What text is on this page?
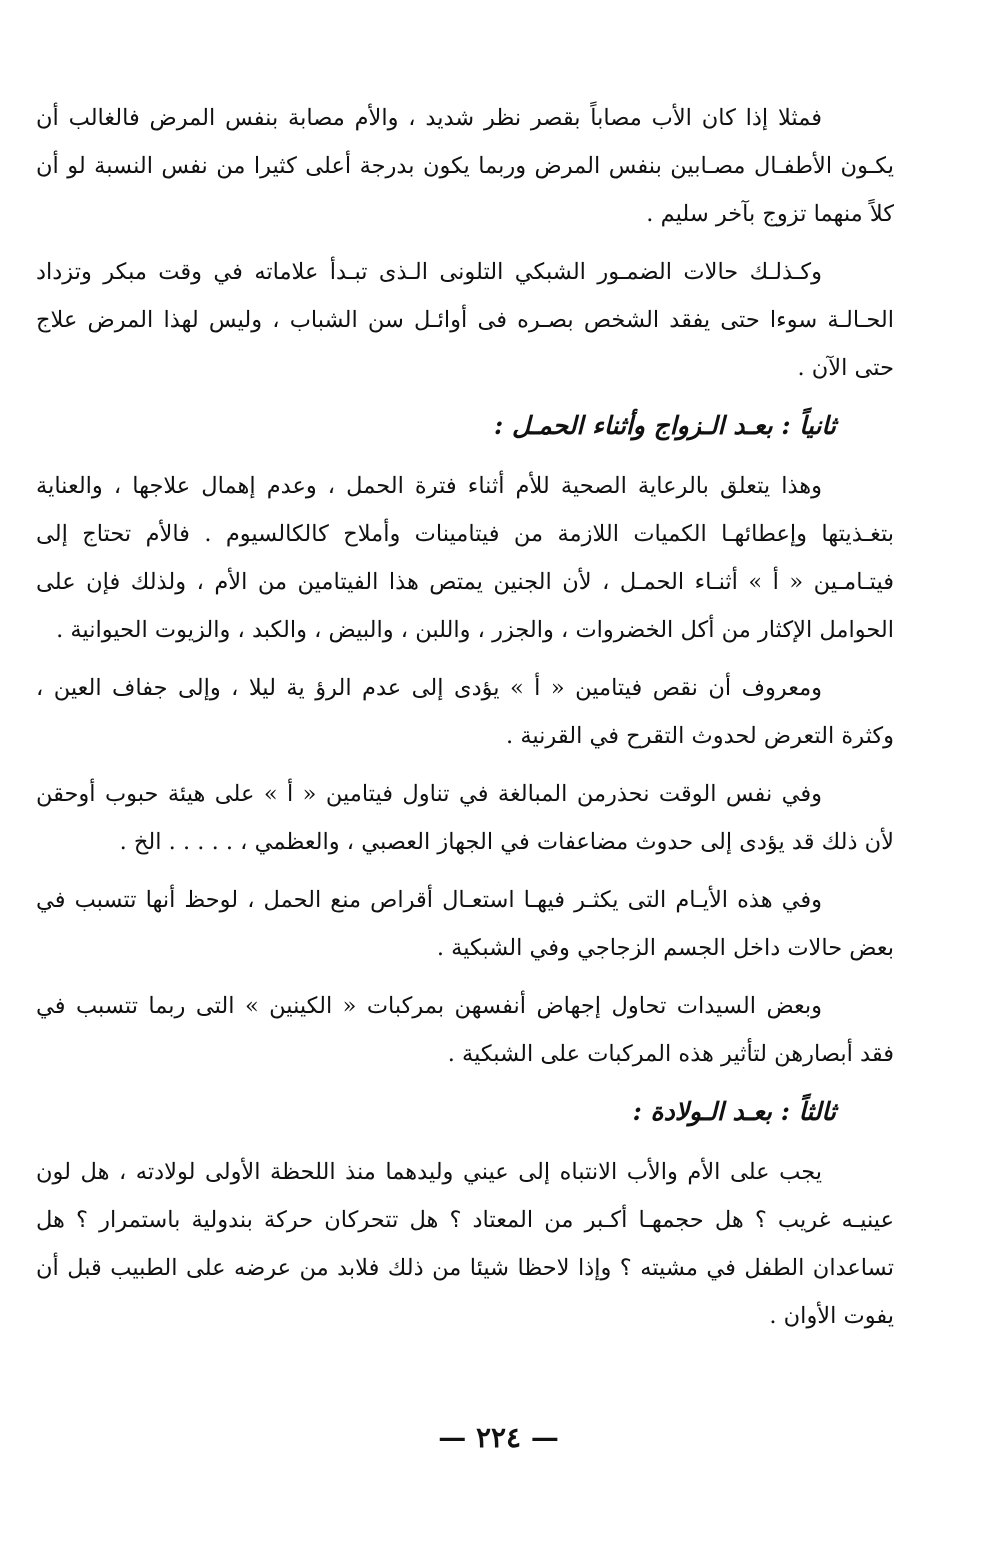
فمثلا إذا كان الأب مصاباً بقصر نظر شديد ، والأم مصابة بنفس المرض فالغالب أن يكـون الأطفـال مصـابين بنفس المرض وربما يكون بدرجة أعلى كثيرا من نفس النسبة لو أن كلاً منهما تزوج بآخر سليم .

وكـذلـك حالات الضمـور الشبكي التلونى الـذى تبـدأ علاماته في وقت مبكر وتزداد الحـالـة سوءا حتى يفقد الشخص بصـره فى أوائـل سن الشباب ، وليس لهذا المرض علاج حتى الآن .

ثانياً : بعـد الـزواج وأثناء الحمـل :

وهذا يتعلق بالرعاية الصحية للأم أثناء فترة الحمل ، وعدم إهمال علاجها ، والعناية بتغـذيتها وإعطائهـا الكميات اللازمة من فيتامينات وأملاح كالكالسيوم . فالأم تحتاج إلى فيتـامـين « أ » أثنـاء الحمـل ، لأن الجنين يمتص هذا الفيتامين من الأم ، ولذلك فإن على الحوامل الإكثار من أكل الخضروات ، والجزر ، واللبن ، والبيض ، والكبد ، والزيوت الحيوانية .

ومعروف أن نقص فيتامين « أ » يؤدى إلى عدم الرؤ ية ليلا ، وإلى جفاف العين ، وكثرة التعرض لحدوث التقرح في القرنية .

وفي نفس الوقت نحذرمن المبالغة في تناول فيتامين « أ » على هيئة حبوب أوحقن لأن ذلك قد يؤدى إلى حدوث مضاعفات في الجهاز العصبي ، والعظمي ، . . . . . الخ .

وفي هذه الأيـام التى يكثـر فيهـا استعـال أقراص منع الحمل ، لوحظ أنها تتسبب في بعض حالات داخل الجسم الزجاجي وفي الشبكية .

وبعض السيدات تحاول إجهاض أنفسهن بمركبات « الكينين » التى ربما تتسبب في فقد أبصارهن لتأثير هذه المركبات على الشبكية .

ثالثاً : بعـد الـولادة :

يجب على الأم والأب الانتباه إلى عيني وليدهما منذ اللحظة الأولى لولادته ، هل لون عينيـه غريب ؟ هل حجمهـا أكـبر من المعتاد ؟ هل تتحركان حركة بندولية باستمرار ؟ هل تساعدان الطفل في مشيته ؟ وإذا لاحظا شيئا من ذلك فلابد من عرضه على الطبيب قبل أن يفوت الأوان .

— ٢٢٤ —
